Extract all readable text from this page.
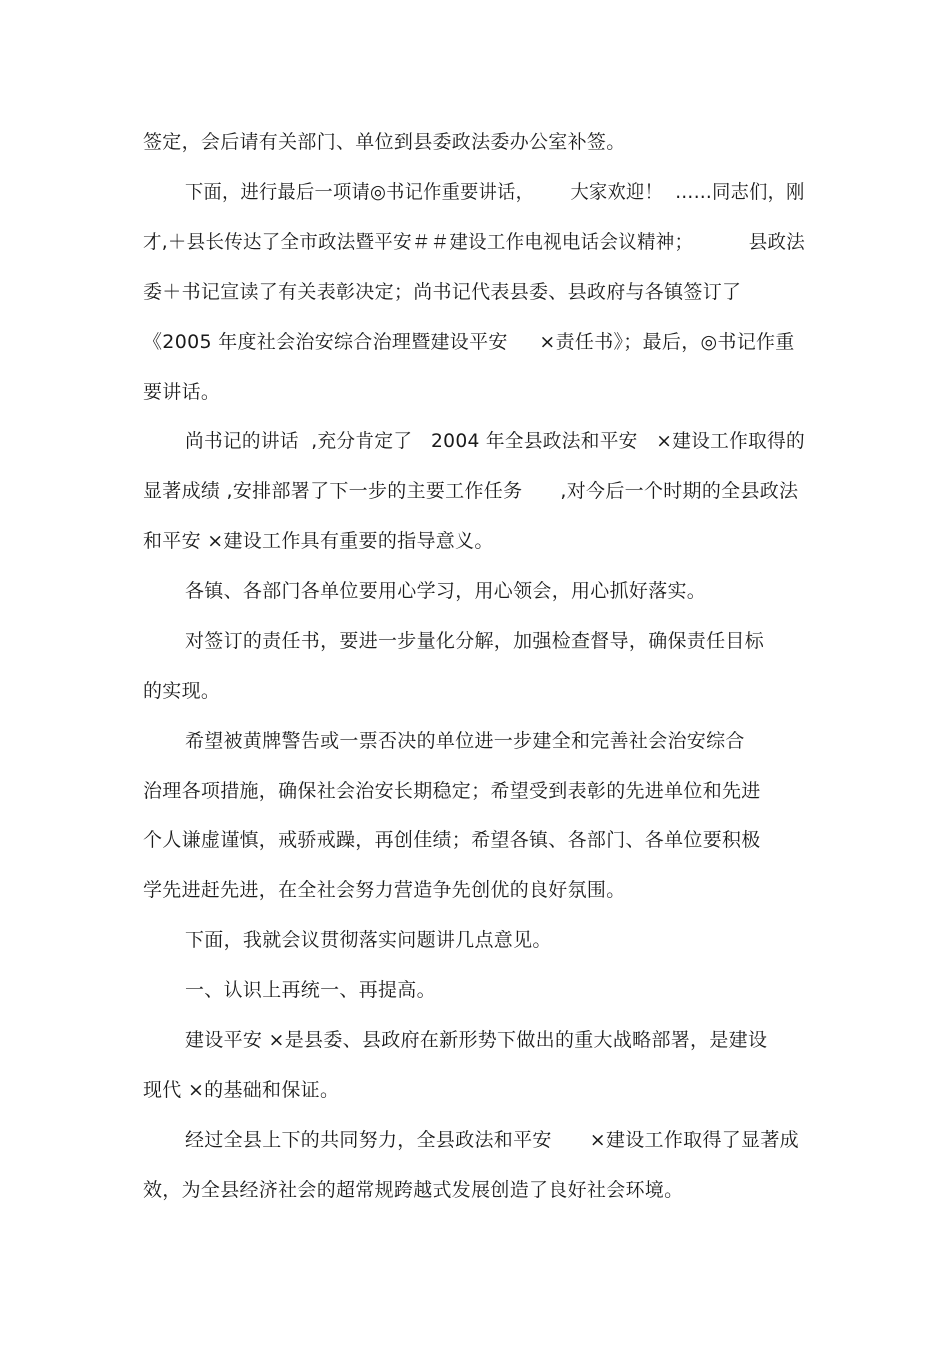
签定，会后请有关部门、单位到县委政法委办公室补签。
下面，进行最后一项请◎书记作重要讲话，      大家欢迎！  ……同志们，刚
才,＋县长传达了全市政法暨平安＃＃建设工作电视电话会议精神；         县政法
委＋书记宣读了有关表彰决定；尚书记代表县委、县政府与各镇签订了
《2005 年度社会治安综合治理暨建设平安     ×责任书》；最后，◎书记作重
要讲话。
尚书记的讲话  ,充分肯定了   2004 年全县政法和平安   ×建设工作取得的
显著成绩 ,安排部署了下一步的主要工作任务      ,对今后一个时期的全县政法
和平安 ×建设工作具有重要的指导意义。
各镇、各部门各单位要用心学习，用心领会，用心抓好落实。
对签订的责任书，要进一步量化分解，加强检查督导，确保责任目标
的实现。
希望被黄牌警告或一票否决的单位进一步建全和完善社会治安综合
治理各项措施，确保社会治安长期稳定；希望受到表彰的先进单位和先进
个人谦虚谨慎，戒骄戒躁，再创佳绩；希望各镇、各部门、各单位要积极
学先进赶先进，在全社会努力营造争先创优的良好氛围。
下面，我就会议贯彻落实问题讲几点意见。
一、认识上再统一、再提高。
建设平安 ×是县委、县政府在新形势下做出的重大战略部署，是建设
现代 ×的基础和保证。
经过全县上下的共同努力，全县政法和平安      ×建设工作取得了显著成
效，为全县经济社会的超常规跨越式发展创造了良好社会环境。
